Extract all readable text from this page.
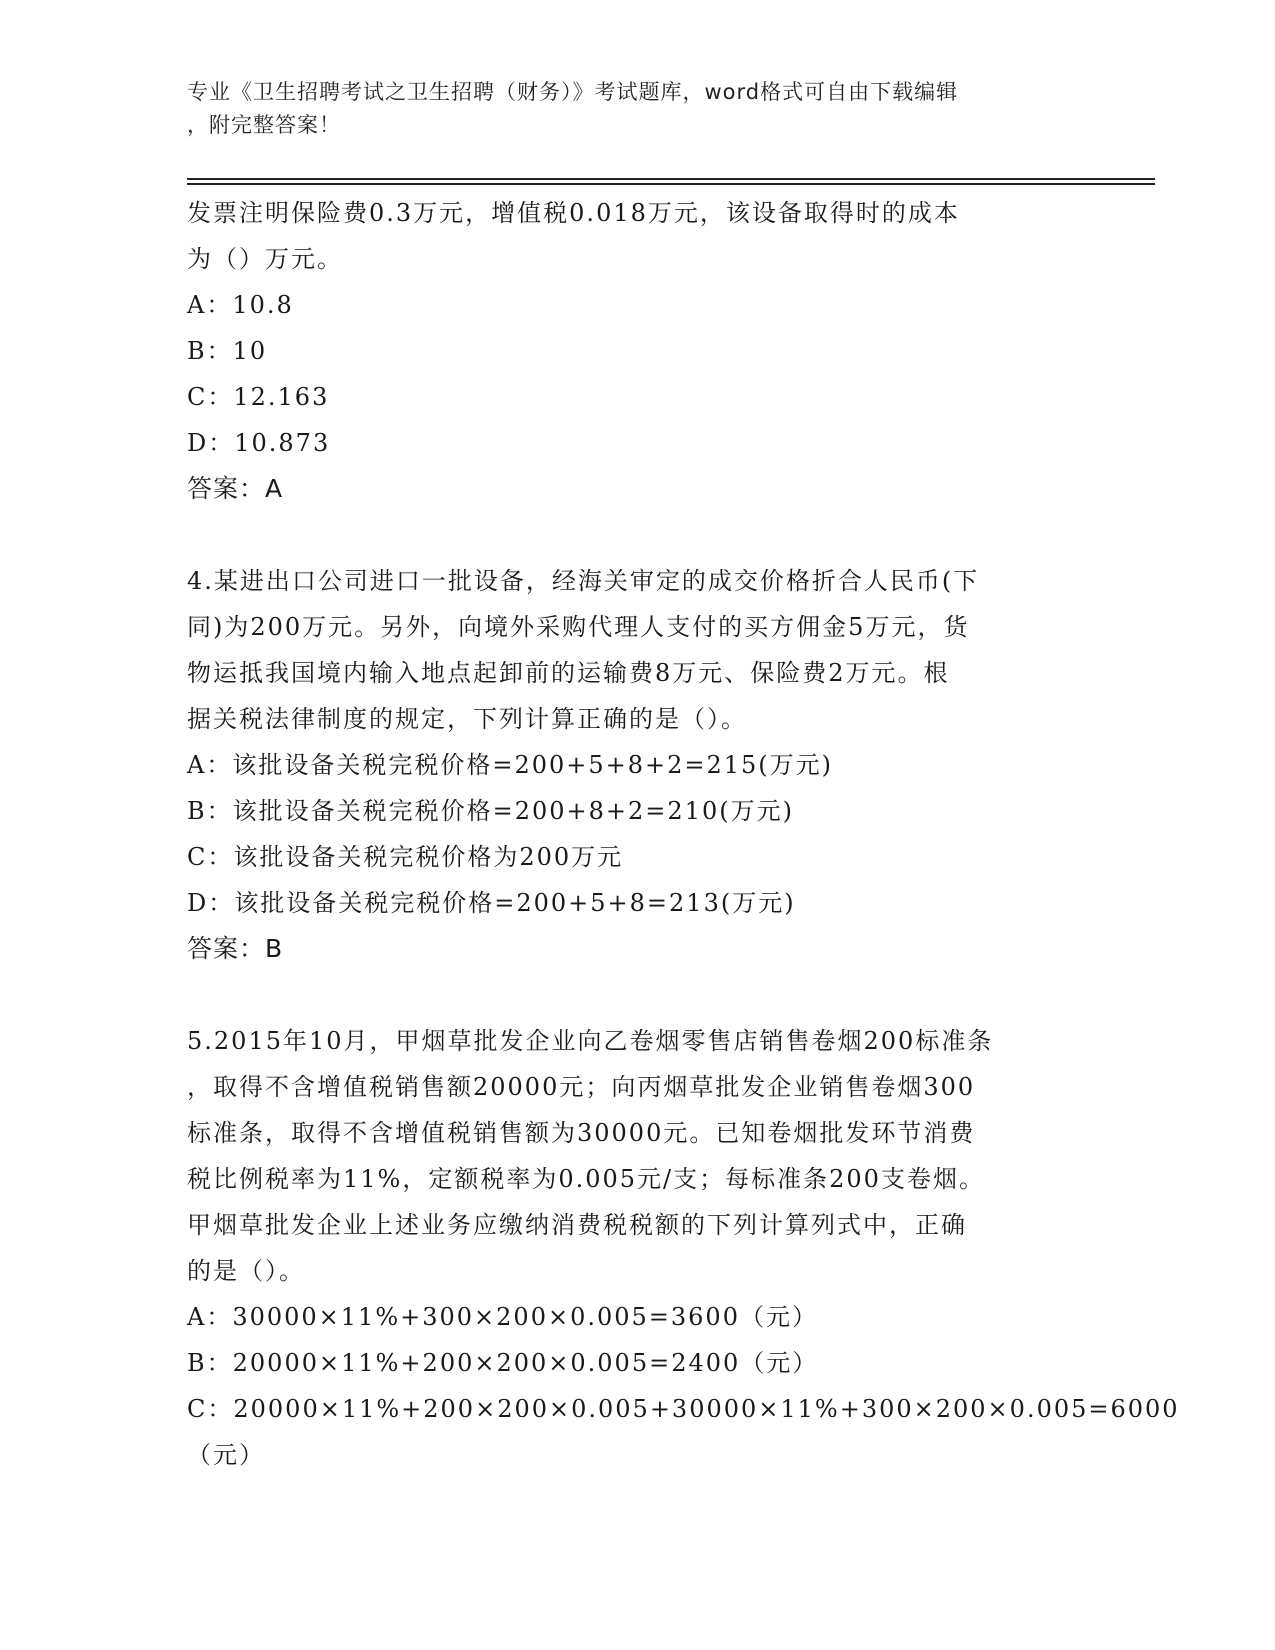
专业《卫生招聘考试之卫生招聘（财务）》考试题库，word格式可自由下载编辑
，附完整答案！
发票注明保险费0.3万元，增值税0.018万元，该设备取得时的成本
为（）万元。
A：10.8
B：10
C：12.163
D：10.873
答案：A
4.某进出口公司进口一批设备，经海关审定的成交价格折合人民币(下
同)为200万元。另外，向境外采购代理人支付的买方佣金5万元，货
物运抵我国境内输入地点起卸前的运输费8万元、保险费2万元。根
据关税法律制度的规定，下列计算正确的是（）。
A：该批设备关税完税价格=200+5+8+2=215(万元)
B：该批设备关税完税价格=200+8+2=210(万元)
C：该批设备关税完税价格为200万元
D：该批设备关税完税价格=200+5+8=213(万元)
答案：B
5.2015年10月，甲烟草批发企业向乙卷烟零售店销售卷烟200标准条
，取得不含增值税销售额20000元；向丙烟草批发企业销售卷烟300
标准条，取得不含增值税销售额为30000元。已知卷烟批发环节消费
税比例税率为11%，定额税率为0.005元/支；每标准条200支卷烟。
甲烟草批发企业上述业务应缴纳消费税税额的下列计算列式中，正确
的是（）。
A：30000×11%+300×200×0.005=3600（元）
B：20000×11%+200×200×0.005=2400（元）
C：20000×11%+200×200×0.005+30000×11%+300×200×0.005=6000
（元）
